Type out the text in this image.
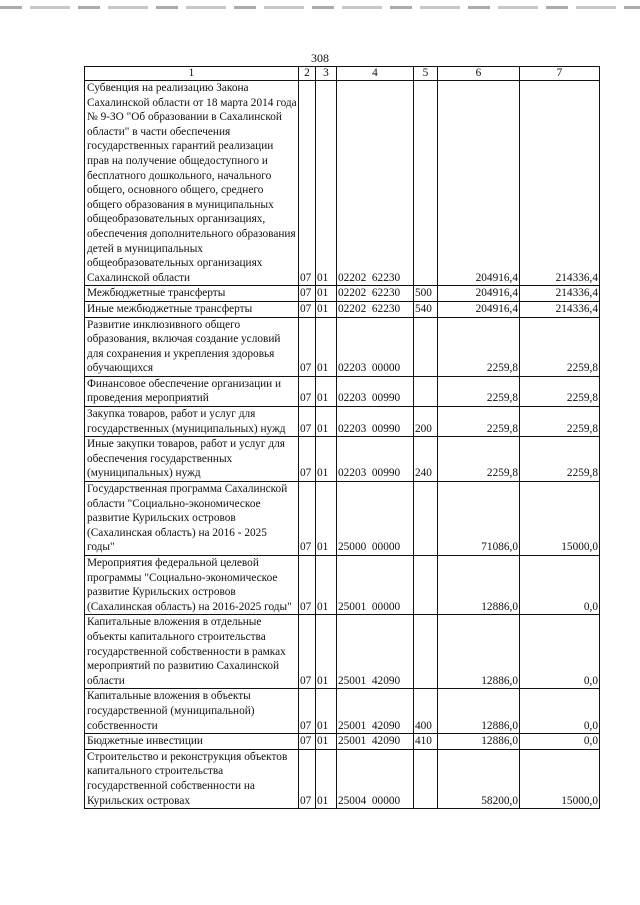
308
1	2	3	4	5	6	7
Субвенция на реализацию Закона Сахалинской области от 18 марта 2014 года № 9-ЗО "Об образовании в Сахалинской области" в части обеспечения государственных гарантий реализации прав на получение общедоступного и бесплатного дошкольного, начального общего, основного общего, среднего общего образования в муниципальных общеобразовательных организациях, обеспечения дополнительного образования детей в муниципальных общеобразовательных организациях Сахалинской области	07	01	02202  62230		204916,4	214336,4
Межбюджетные трансферты	07	01	02202  62230	500	204916,4	214336,4
Иные межбюджетные трансферты	07	01	02202  62230	540	204916,4	214336,4
Развитие инклюзивного общего образования, включая создание условий для сохранения и укрепления здоровья обучающихся	07	01	02203  00000		2259,8	2259,8
Финансовое обеспечение организации и проведения мероприятий	07	01	02203  00990		2259,8	2259,8
Закупка товаров, работ и услуг для государственных (муниципальных) нужд	07	01	02203  00990	200	2259,8	2259,8
Иные закупки товаров, работ и услуг для обеспечения государственных (муниципальных) нужд	07	01	02203  00990	240	2259,8	2259,8
Государственная программа Сахалинской области "Социально-экономическое развитие Курильских островов (Сахалинская область) на 2016 - 2025 годы"	07	01	25000  00000		71086,0	15000,0
Мероприятия федеральной целевой программы "Социально-экономическое развитие Курильских островов (Сахалинская область) на 2016-2025 годы"	07	01	25001  00000		12886,0	0,0
Капитальные вложения в отдельные объекты капитального строительства государственной собственности в рамках мероприятий по развитию Сахалинской области	07	01	25001  42090		12886,0	0,0
Капитальные вложения в объекты государственной (муниципальной) собственности	07	01	25001  42090	400	12886,0	0,0
Бюджетные инвестиции	07	01	25001  42090	410	12886,0	0,0
Строительство и реконструкция объектов капитального строительства государственной собственности на Курильских островах	07	01	25004  00000		58200,0	15000,0
